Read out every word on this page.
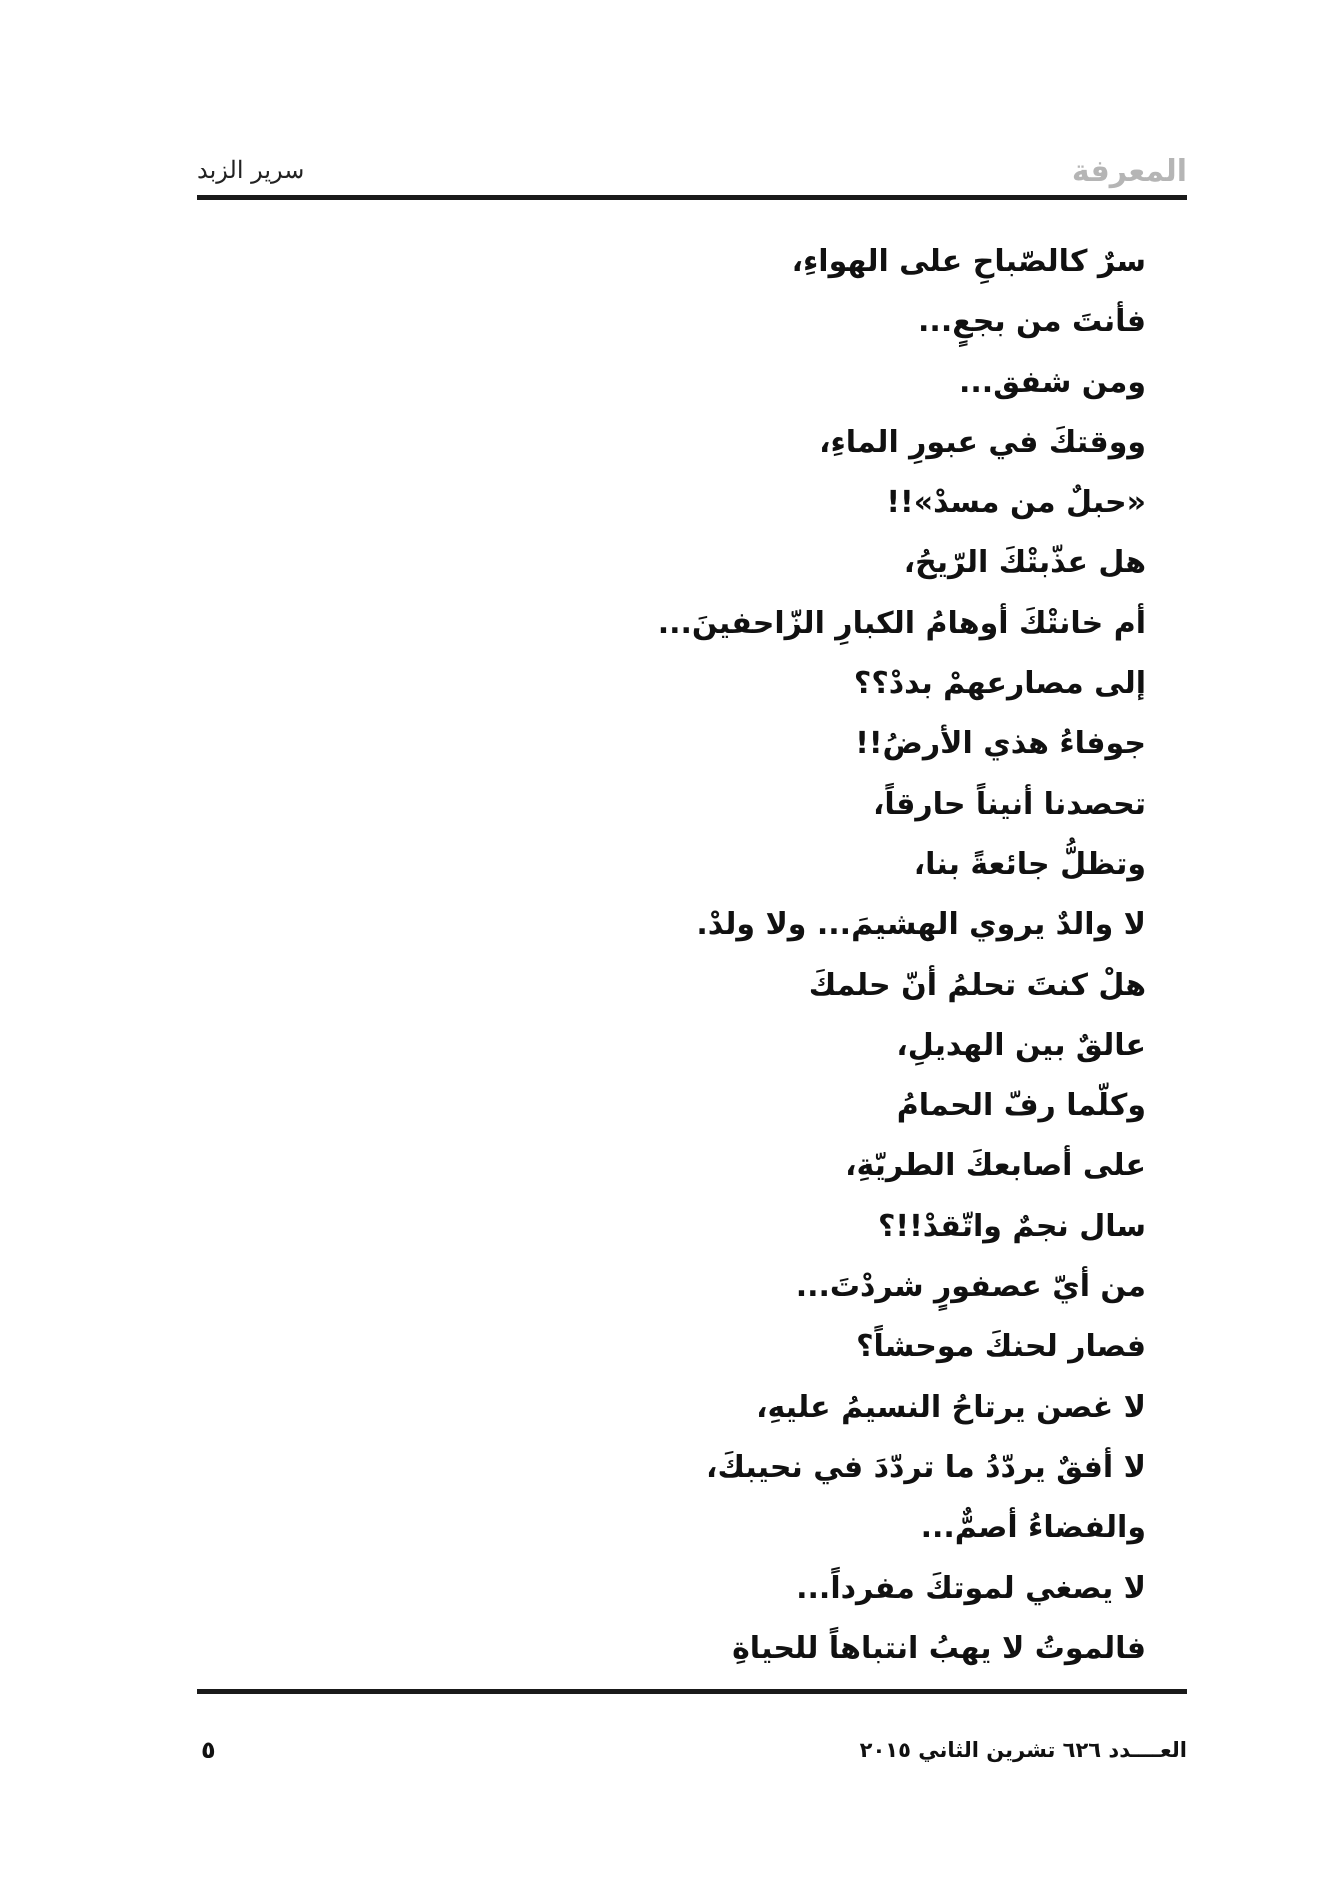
المعرفة
سرير الزبد
سرٌ كالصّباحِ على الهواءِ،
فأنتَ من بجعٍ...
ومن شفق...
ووقتكَ في عبورِ الماءِ،
«حبلٌ من مسدْ»!!
هل عذّبتْكَ الرّيحُ،
أم خانتْكَ أوهامُ الكبارِ الزّاحفينَ...
إلى مصارعهمْ بددْ؟؟
جوفاءُ هذي الأرضُ!!
تحصدنا أنيناً حارقاً،
وتظلُّ جائعةً بنا،
لا والدٌ يروي الهشيمَ... ولا ولدْ.
هلْ كنتَ تحلمُ أنّ حلمكَ
عالقٌ بين الهديلِ،
وكلّما رفّ الحمامُ
على أصابعكَ الطريّةِ،
سال نجمٌ واتّقدْ!!؟
من أيّ عصفورٍ شردْتَ...
فصار لحنكَ موحشاً؟
لا غصن يرتاحُ النسيمُ عليهِ،
لا أفقٌ يردّدُ ما تردّدَ في نحيبكَ،
والفضاءُ أصمٌّ...
لا يصغي لموتكَ مفرداً...
فالموتُ لا يهبُ انتباهاً للحياةِ
العــــدد ٦٢٦ تشرين الثاني ٢٠١٥
٥
